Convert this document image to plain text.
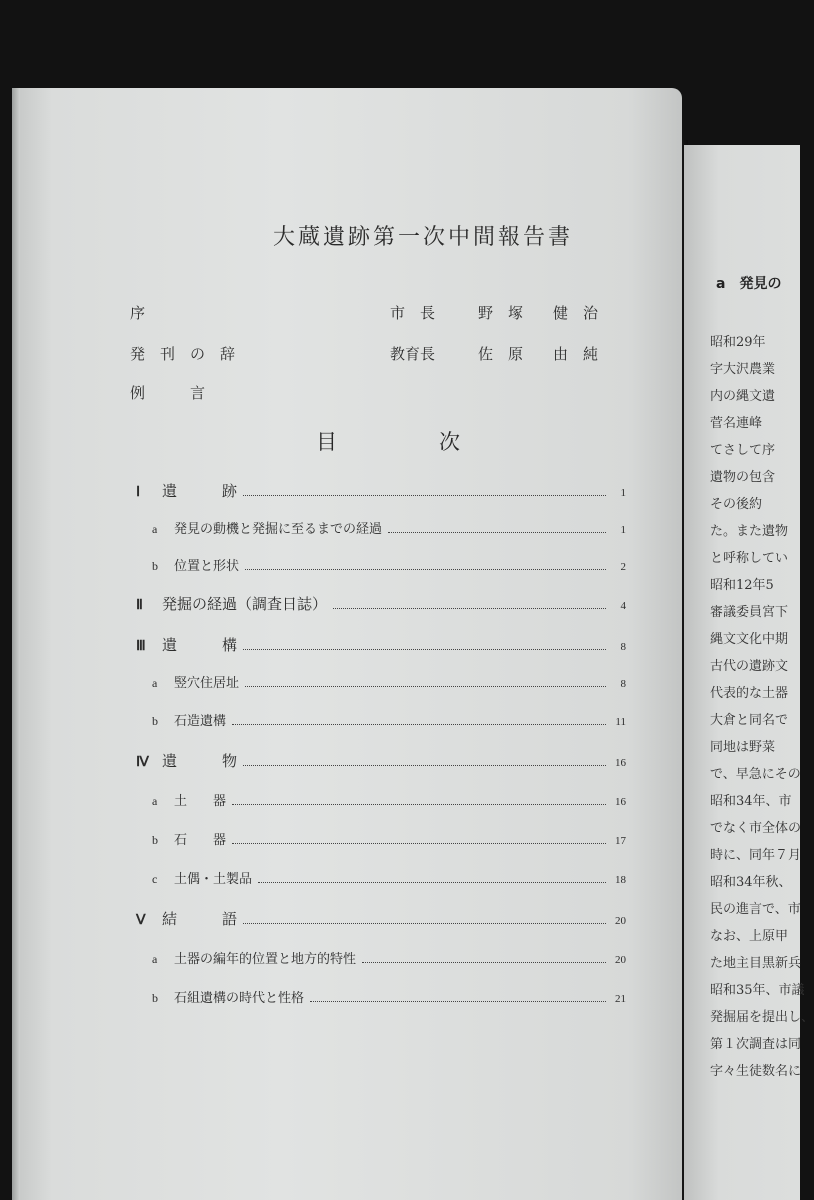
a　発見の
昭和29年
字大沢農業
内の縄文遺
菅名連峰
てさして序
遺物の包含
その後約
た。また遺物
と呼称してい
昭和12年5
審議委員宮下
縄文文化中期
古代の遺跡文
代表的な土器
大倉と同名で
同地は野菜
で、早急にその
昭和34年、市
でなく市全体の
時に、同年７月
昭和34年秋、
民の進言で、市
なお、上原甲
た地主目黒新兵
昭和35年、市議
発掘届を提出し、
第１次調査は同
字々生徒数名に
大蔵遺跡第一次中間報告書
序	市　長	野　塚　　健　治
発　刊　の　辞	教育長	佐　原　　由　純
例　　　言
目	次
Ⅰ	遺　　　跡	1
a	発見の動機と発掘に至るまでの経過	1
b	位置と形状	2
Ⅱ	発掘の経過（調査日誌）	4
Ⅲ	遺　　　構	8
a	竪穴住居址	8
b	石造遺構	11
Ⅳ 遺　　　物	16
a	土　　器	16
b	石　　器	17
c	土偶・土製品	18
Ⅴ	結　　　語	20
a	土器の編年的位置と地方的特性	20
b	石組遺構の時代と性格	21
